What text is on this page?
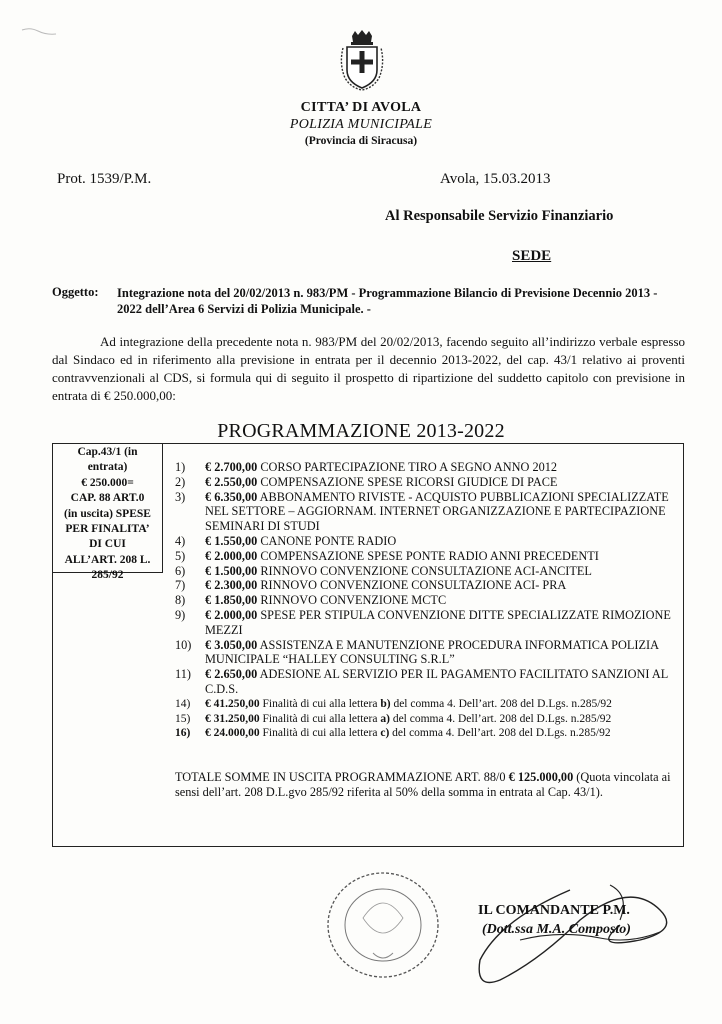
CITTA’ DI AVOLA
POLIZIA MUNICIPALE
(Provincia di Siracusa)
Prot. 1539/P.M.	Avola, 15.03.2013
Al Responsabile Servizio Finanziario
SEDE
Oggetto: Integrazione nota del 20/02/2013 n. 983/PM - Programmazione Bilancio di Previsione Decennio 2013 - 2022 dell’Area 6 Servizi di Polizia Municipale. -
Ad integrazione della precedente nota n. 983/PM del 20/02/2013, facendo seguito all’indirizzo verbale espresso dal Sindaco ed in riferimento alla previsione in entrata per il decennio 2013-2022, del cap. 43/1 relativo ai proventi contravvenzionali al CDS, si formula qui di seguito il prospetto di ripartizione del suddetto capitolo con previsione in entrata di € 250.000,00:
PROGRAMMAZIONE 2013-2022
Cap.43/1 (in
entrata)
€ 250.000=
CAP. 88 ART.0
(in uscita) SPESE
PER FINALITA’
DI CUI
ALL’ART. 208 L.
285/92
1) € 2.700,00 CORSO PARTECIPAZIONE TIRO A SEGNO ANNO 2012
2) € 2.550,00 COMPENSAZIONE SPESE RICORSI GIUDICE DI PACE
3) € 6.350,00 ABBONAMENTO RIVISTE - ACQUISTO PUBBLICAZIONI SPECIALIZZATE NEL SETTORE – AGGIORNAM. INTERNET ORGANIZZAZIONE E PARTECIPAZIONE SEMINARI DI STUDI
4) € 1.550,00 CANONE PONTE RADIO
5) € 2.000,00 COMPENSAZIONE SPESE PONTE RADIO ANNI PRECEDENTI
6) € 1.500,00 RINNOVO CONVENZIONE CONSULTAZIONE ACI-ANCITEL
7) € 2.300,00 RINNOVO CONVENZIONE CONSULTAZIONE ACI- PRA
8) € 1.850,00 RINNOVO CONVENZIONE MCTC
9) € 2.000,00 SPESE PER STIPULA CONVENZIONE DITTE SPECIALIZZATE RIMOZIONE MEZZI
10) € 3.050,00 ASSISTENZA E MANUTENZIONE PROCEDURA INFORMATICA POLIZIA MUNICIPALE “HALLEY CONSULTING S.R.L”
11) € 2.650,00 ADESIONE AL SERVIZIO PER IL PAGAMENTO FACILITATO SANZIONI AL C.D.S.
14) € 41.250,00 Finalità di cui alla lettera b) del comma 4. Dell’art. 208 del D.Lgs. n.285/92
15) € 31.250,00 Finalità di cui alla lettera a) del comma 4. Dell’art. 208 del D.Lgs. n.285/92
16) € 24.000,00 Finalità di cui alla lettera c) del comma 4. Dell’art. 208 del D.Lgs. n.285/92
TOTALE SOMME IN USCITA PROGRAMMAZIONE ART. 88/0 € 125.000,00 (Quota vincolata ai sensi dell’art. 208 D.L.gvo 285/92 riferita al 50% della somma in entrata al Cap. 43/1).
IL COMANDANTE P.M.
(Dott.ssa M.A. Composto)
